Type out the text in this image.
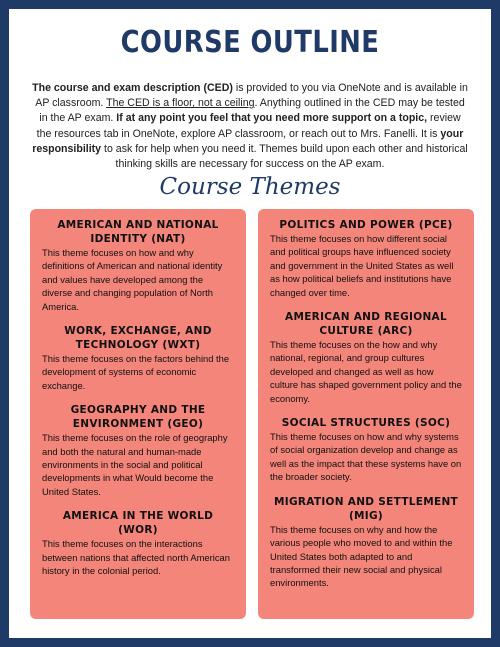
COURSE OUTLINE
The course and exam description (CED) is provided to you via OneNote and is available in AP classroom. The CED is a floor, not a ceiling. Anything outlined in the CED may be tested in the AP exam. If at any point you feel that you need more support on a topic, review the resources tab in OneNote, explore AP classroom, or reach out to Mrs. Fanelli. It is your responsibility to ask for help when you need it. Themes build upon each other and historical thinking skills are necessary for success on the AP exam.
Course Themes
AMERICAN AND NATIONAL IDENTITY (NAT)
This theme focuses on how and why definitions of American and national identity and values have developed among the diverse and changing population of North America.
WORK, EXCHANGE, AND TECHNOLOGY (WXT)
This theme focuses on the factors behind the development of systems of economic exchange.
GEOGRAPHY AND THE ENVIRONMENT (GEO)
This theme focuses on the role of geography and both the natural and human-made environments in the social and political developments in what Would become the United States.
AMERICA IN THE WORLD (WOR)
This theme focuses on the interactions between nations that affected north American history in the colonial period.
POLITICS AND POWER (PCE)
This theme focuses on how different social and political groups have influenced society and government in the United States as well as how political beliefs and institutions have changed over time.
AMERICAN AND REGIONAL CULTURE (ARC)
This theme focuses on the how and why national, regional, and group cultures developed and changed as well as how culture has shaped government policy and the economy.
SOCIAL STRUCTURES (SOC)
This theme focuses on how and why systems of social organization develop and change as well as the impact that these systems have on the broader society.
MIGRATION AND SETTLEMENT (MIG)
This theme focuses on why and how the various people who moved to and within the United States both adapted to and transformed their new social and physical environments.
